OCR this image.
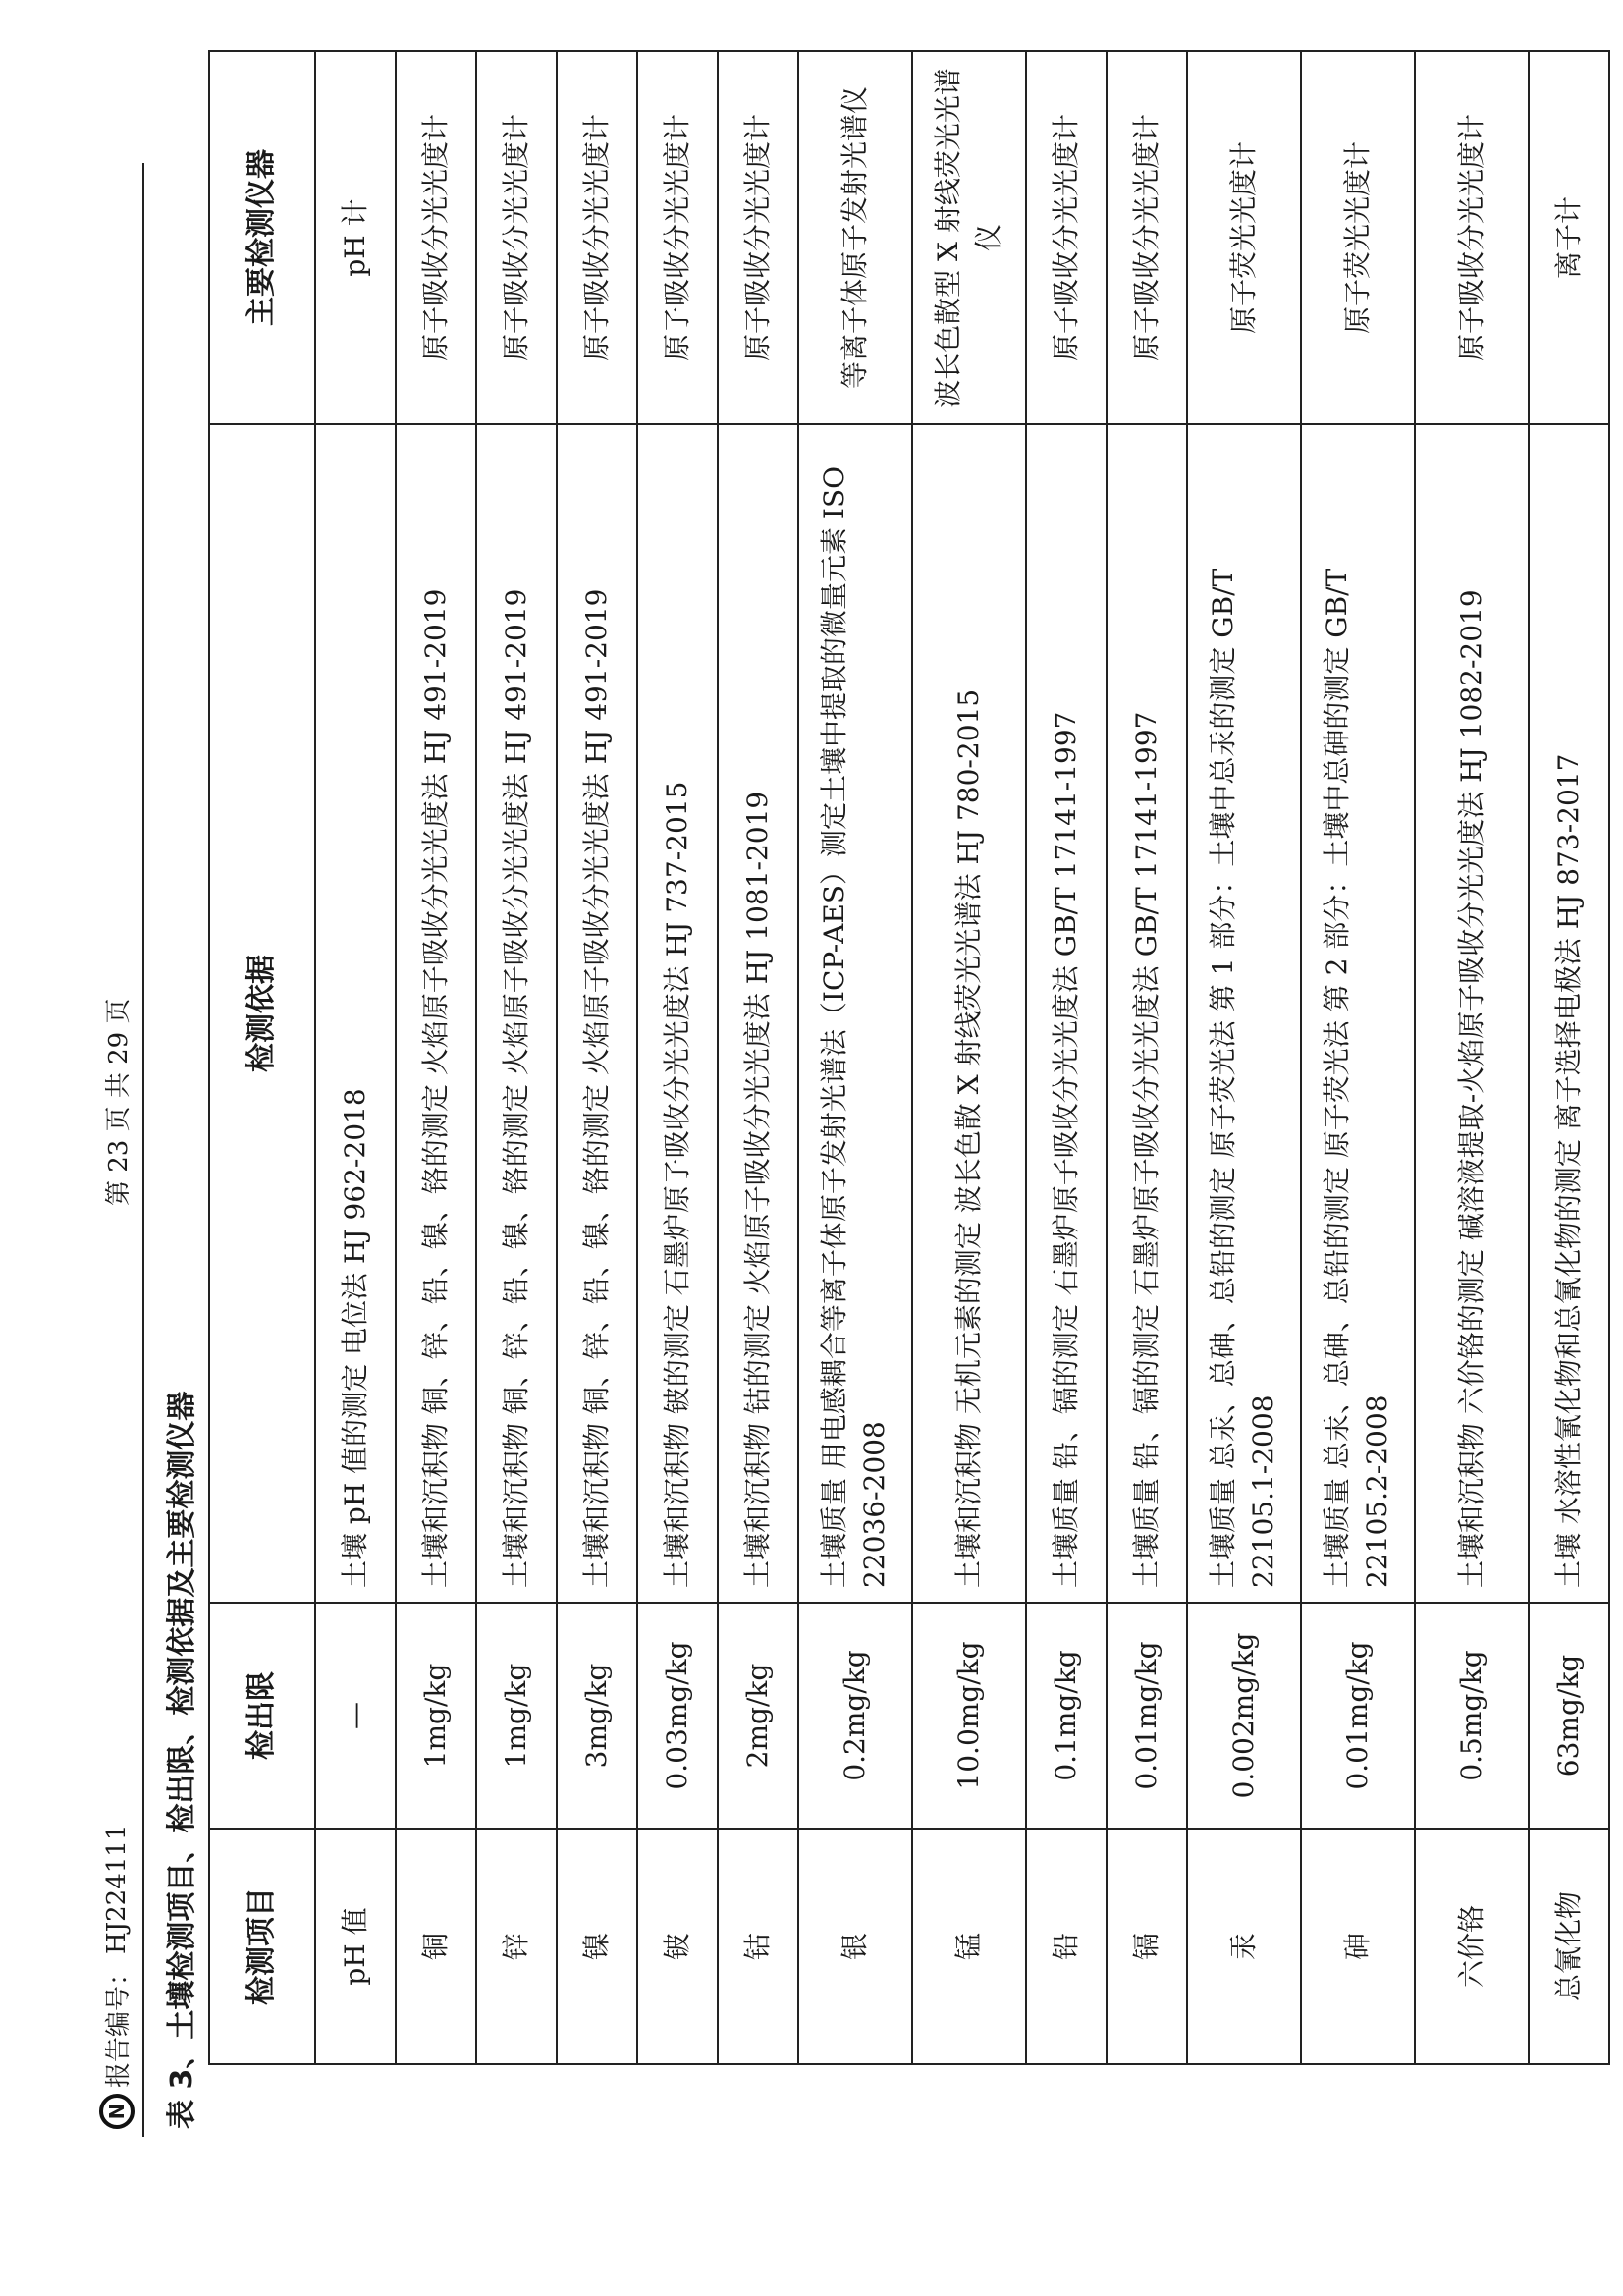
N
报告编号：
HJ224111
第 23 页 共 29 页
表 3、土壤检测项目、检出限、检测依据及主要检测仪器 检测项目	检出限	检测依据	主要检测仪器
pH 值	—	土壤 pH 值的测定 电位法 HJ 962-2018	pH 计
铜	1mg/kg	土壤和沉积物 铜、锌、铅、镍、铬的测定 火焰原子吸收分光光度法 HJ 491-2019	原子吸收分光光度计
锌	1mg/kg	土壤和沉积物 铜、锌、铅、镍、铬的测定 火焰原子吸收分光光度法 HJ 491-2019	原子吸收分光光度计
镍	3mg/kg	土壤和沉积物 铜、锌、铅、镍、铬的测定 火焰原子吸收分光光度法 HJ 491-2019	原子吸收分光光度计
铍	0.03mg/kg	土壤和沉积物 铍的测定 石墨炉原子吸收分光光度法 HJ 737-2015	原子吸收分光光度计
钴	2mg/kg	土壤和沉积物 钴的测定 火焰原子吸收分光光度法 HJ 1081-2019	原子吸收分光光度计
银	0.2mg/kg	土壤质量 用电感耦合等离子体原子发射光谱法（ICP-AES）测定土壤中提取的微量元素 ISO 22036-2008	等离子体原子发射光谱仪
锰	10.0mg/kg	土壤和沉积物 无机元素的测定 波长色散 X 射线荧光光谱法 HJ 780-2015	波长色散型 X 射线荧光光谱仪
铅	0.1mg/kg	土壤质量 铅、镉的测定 石墨炉原子吸收分光光度法 GB/T 17141-1997	原子吸收分光光度计
镉	0.01mg/kg	土壤质量 铅、镉的测定 石墨炉原子吸收分光光度法 GB/T 17141-1997	原子吸收分光光度计
汞	0.002mg/kg	土壤质量 总汞、总砷、总铅的测定 原子荧光法 第 1 部分：土壤中总汞的测定 GB/T 22105.1-2008	原子荧光光度计
砷	0.01mg/kg	土壤质量 总汞、总砷、总铅的测定 原子荧光法 第 2 部分：土壤中总砷的测定 GB/T 22105.2-2008	原子荧光光度计
六价铬	0.5mg/kg	土壤和沉积物 六价铬的测定 碱溶液提取-火焰原子吸收分光光度法 HJ 1082-2019	原子吸收分光光度计
总氰化物	63mg/kg	土壤 水溶性氰化物和总氰化物的测定 离子选择电极法 HJ 873-2017	离子计
